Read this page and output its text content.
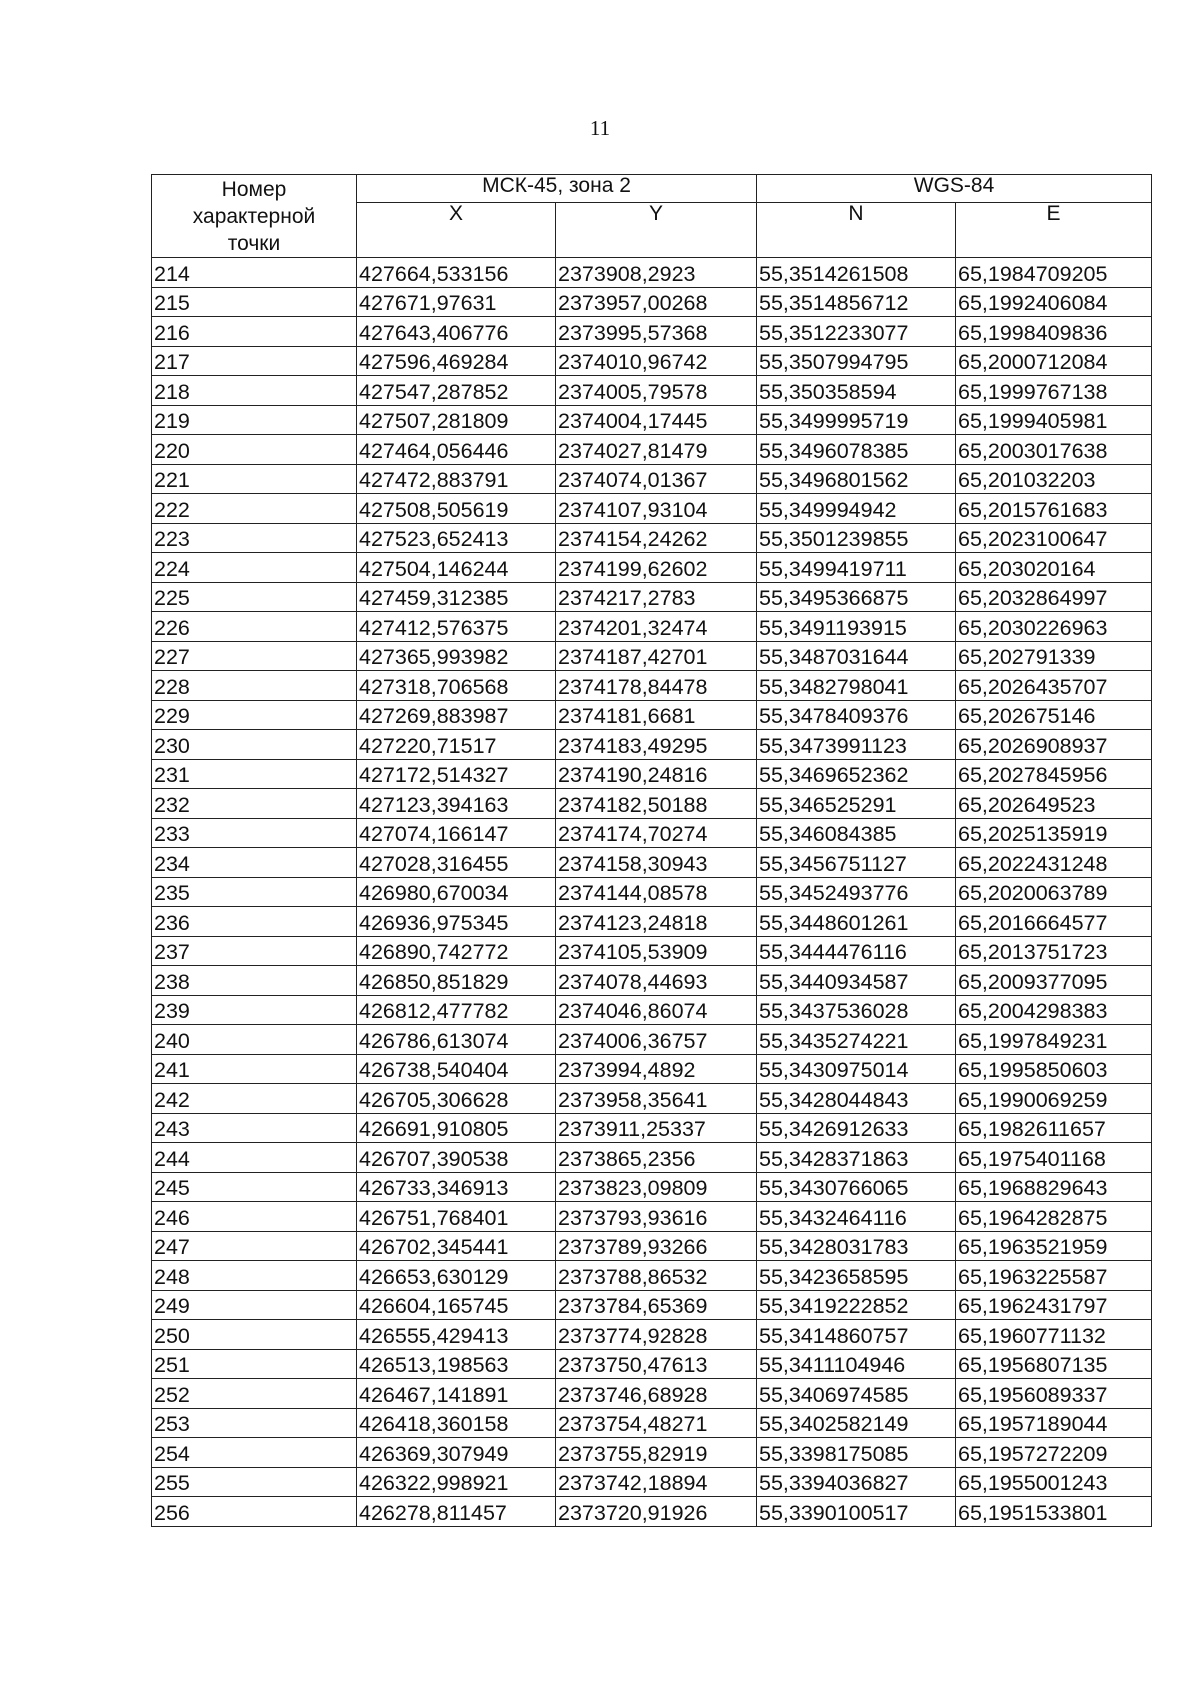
11
Номер
характерной
точки	МСК-45, зона 2		WGS-84	
	X	Y	N	E
214	427664,533156	2373908,2923	55,3514261508	65,1984709205
215	427671,97631	2373957,00268	55,3514856712	65,1992406084
216	427643,406776	2373995,57368	55,3512233077	65,1998409836
217	427596,469284	2374010,96742	55,3507994795	65,2000712084
218	427547,287852	2374005,79578	55,350358594	65,1999767138
219	427507,281809	2374004,17445	55,3499995719	65,1999405981
220	427464,056446	2374027,81479	55,3496078385	65,2003017638
221	427472,883791	2374074,01367	55,3496801562	65,201032203
222	427508,505619	2374107,93104	55,349994942	65,2015761683
223	427523,652413	2374154,24262	55,3501239855	65,2023100647
224	427504,146244	2374199,62602	55,3499419711	65,203020164
225	427459,312385	2374217,2783	55,3495366875	65,2032864997
226	427412,576375	2374201,32474	55,3491193915	65,2030226963
227	427365,993982	2374187,42701	55,3487031644	65,202791339
228	427318,706568	2374178,84478	55,3482798041	65,2026435707
229	427269,883987	2374181,6681	55,3478409376	65,202675146
230	427220,71517	2374183,49295	55,3473991123	65,2026908937
231	427172,514327	2374190,24816	55,3469652362	65,2027845956
232	427123,394163	2374182,50188	55,346525291	65,202649523
233	427074,166147	2374174,70274	55,346084385	65,2025135919
234	427028,316455	2374158,30943	55,3456751127	65,2022431248
235	426980,670034	2374144,08578	55,3452493776	65,2020063789
236	426936,975345	2374123,24818	55,3448601261	65,2016664577
237	426890,742772	2374105,53909	55,3444476116	65,2013751723
238	426850,851829	2374078,44693	55,3440934587	65,2009377095
239	426812,477782	2374046,86074	55,3437536028	65,2004298383
240	426786,613074	2374006,36757	55,3435274221	65,1997849231
241	426738,540404	2373994,4892	55,3430975014	65,1995850603
242	426705,306628	2373958,35641	55,3428044843	65,1990069259
243	426691,910805	2373911,25337	55,3426912633	65,1982611657
244	426707,390538	2373865,2356	55,3428371863	65,1975401168
245	426733,346913	2373823,09809	55,3430766065	65,1968829643
246	426751,768401	2373793,93616	55,3432464116	65,1964282875
247	426702,345441	2373789,93266	55,3428031783	65,1963521959
248	426653,630129	2373788,86532	55,3423658595	65,1963225587
249	426604,165745	2373784,65369	55,3419222852	65,1962431797
250	426555,429413	2373774,92828	55,3414860757	65,1960771132
251	426513,198563	2373750,47613	55,3411104946	65,1956807135
252	426467,141891	2373746,68928	55,3406974585	65,1956089337
253	426418,360158	2373754,48271	55,3402582149	65,1957189044
254	426369,307949	2373755,82919	55,3398175085	65,1957272209
255	426322,998921	2373742,18894	55,3394036827	65,1955001243
256	426278,811457	2373720,91926	55,3390100517	65,1951533801
